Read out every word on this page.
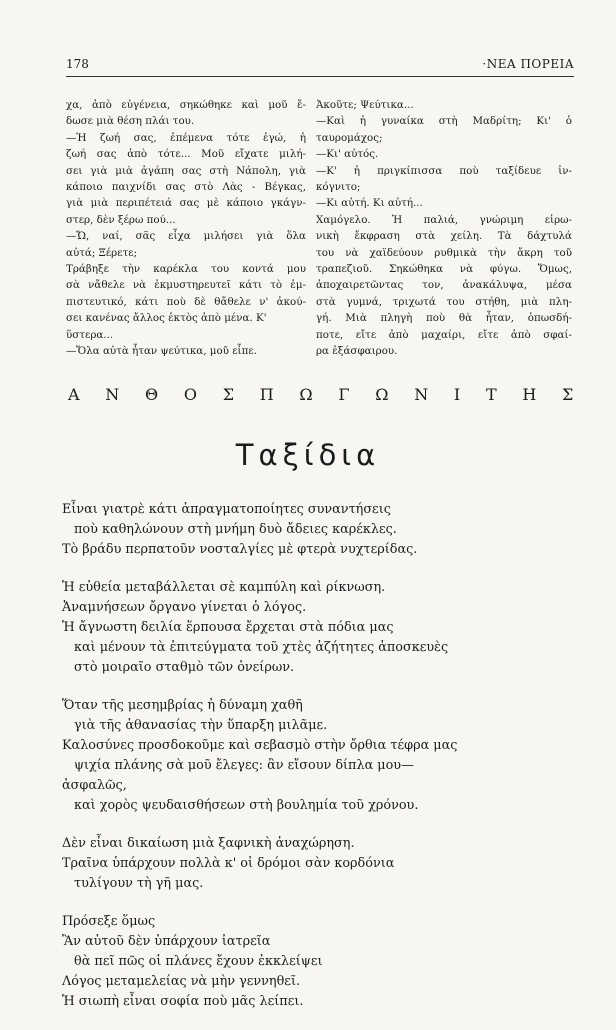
178	·ΝΕΑ ΠΟΡΕΙΑ
χα, ἀπὸ εὐγένεια, σηκώθηκε καὶ μοῦ ἔ-
δωσε μιὰ θέση πλάι του.
—Ἡ ζωή σας, ἐπέμενα τότε ἐγώ, ἡ
ζωή σας ἀπὸ τότε... Μοῦ εἴχατε μιλή-
σει γιὰ μιὰ ἀγάπη σας στὴ Νάπολη, γιὰ
κάποιο παιχνίδι σας στὸ Λὰς - Βέγκας,
γιὰ μιὰ περιπέτειά σας μὲ κάποιο γκάγν-
στερ, δὲν ξέρω πού...
—Ὤ, ναί, σᾶς εἶχα μιλήσει γιὰ ὅλα
αὐτά; Ξέρετε;
Τράβηξε τὴν καρέκλα του κοντά μου
σὰ νἄθελε νὰ ἐκμυστηρευτεῖ κάτι τὸ ἐμ-
πιστευτικό, κάτι ποὺ δὲ θἄθελε ν' ἀκού-
σει κανένας ἄλλος ἐκτὸς ἀπὸ μένα. Κ'
ὕστερα...
—Ὅλα αὐτὰ ἦταν ψεύτικα, μοῦ εἶπε.
Ἀκοῦτε; Ψεύτικα...
—Καὶ ἡ γυναίκα στὴ Μαδρίτη; Κι' ὁ
ταυρομάχος;
—Κι' αὐτός.
—Κ' ἡ πριγκίπισσα ποὺ ταξίδευε ἰν-
κόγνιτο;
—Κι αὐτή. Κι αὐτή...
Χαμόγελο. Ἡ παλιά, γνώριμη εἰρω-
νικὴ ἔκφραση στὰ χείλη. Τὰ δάχτυλά
του νὰ χαϊδεύουν ρυθμικὰ τὴν ἄκρη τοῦ
τραπεζιοῦ. Σηκώθηκα νὰ φύγω. Ὅμως,
ἀποχαιρετῶντας τον, ἀνακάλυψα, μέσα
στὰ γυμνά, τριχωτά του στήθη, μιὰ πλη-
γή. Μιὰ πληγὴ ποὺ θὰ ἦταν, ὁπωσδή-
ποτε, εἴτε ἀπὸ μαχαίρι, εἴτε ἀπὸ σφαί-
ρα ἐξάσφαιρου.
Α Ν Θ Ο Σ Π Ω Γ Ω Ν Ι Τ Η Σ
Ταξίδια
Εἶναι γιατρὲ κάτι ἀπραγματοποίητες συναντήσεις
ποὺ καθηλώνουν στὴ μνήμη δυὸ ἄδειες καρέκλες.
Τὸ βράδυ περπατοῦν νοσταλγίες μὲ φτερὰ νυχτερίδας.
Ἡ εὐθεία μεταβάλλεται σὲ καμπύλη καὶ ρίκνωση.
Ἀναμνήσεων ὄργανο γίνεται ὁ λόγος.
Ἡ ἄγνωστη δειλία ἕρπουσα ἔρχεται στὰ πόδια μας
καὶ μένουν τὰ ἐπιτεύγματα τοῦ χτὲς ἀζήτητες ἀποσκευὲς
στὸ μοιραῖο σταθμὸ τῶν ὀνείρων.
Ὅταν τῆς μεσημβρίας ἡ δύναμη χαθῆ
γιὰ τῆς ἀθανασίας τὴν ὕπαρξη μιλᾶμε.
Καλοσύνες προσδοκοῦμε καὶ σεβασμὸ στὴν ὄρθια τέφρα μας
ψιχία πλάνης σὰ μοῦ ἔλεγες: ἂν εἴσουν δίπλα μου—
ἀσφαλῶς,
καὶ χορὸς ψευδαισθήσεων στὴ βουλημία τοῦ χρόνου.
Δὲν εἶναι δικαίωση μιὰ ξαφνικὴ ἀναχώρηση.
Τραῖνα ὑπάρχουν πολλὰ κ' οἱ δρόμοι σὰν κορδόνια
τυλίγουν τὴ γῆ μας.
Πρόσεξε ὅμως
Ἂν αὐτοῦ δὲν ὑπάρχουν ἰατρεῖα
θὰ πεῖ πῶς οἱ πλάνες ἔχουν ἐκκλείψει
Λόγος μεταμελείας νὰ μὴν γεννηθεῖ.
Ἡ σιωπὴ εἶναι σοφία ποὺ μᾶς λείπει.
